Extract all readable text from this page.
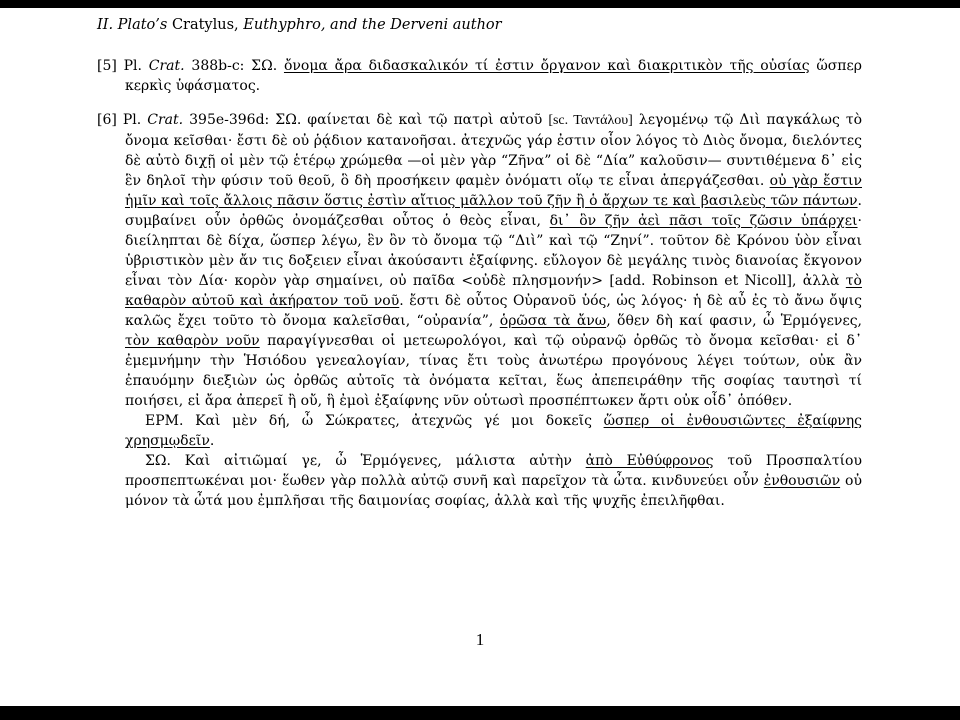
II. Plato’s Cratylus, Euthyphro, and the Derveni author

[5] Pl. Crat. 388b-c: ΣΩ. ὄνομα ἄρα διδασκαλικόν τί ἐστιν ὄργανον καὶ διακριτικὸν τῆς οὐσίας ὥσπερ κερκὶς ὑφάσματος.

[6] Pl. Crat. 395e-396d: ΣΩ. φαίνεται δὲ καὶ τῷ πατρὶ αὐτοῦ [sc. Ταντάλου] λεγομένῳ τῷ Διὶ παγκάλως τὸ ὄνομα κεῖσθαι· ἔστι δὲ οὐ ῥᾴδιον κατανοῆσαι. ἀτεχνῶς γάρ ἐστιν οἷον λόγος τὸ Διὸς ὄνομα, διελόντες δὲ αὐτὸ διχῇ οἱ μὲν τῷ ἑτέρῳ χρώμεθα —οἱ μὲν γὰρ “Ζῆνα” οἱ δὲ “Δία” καλοῦσιν— συντιθέμενα δ᾽ εἰς ἓν δηλοῖ τὴν φύσιν τοῦ θεοῦ, ὃ δὴ προσήκειν φαμὲν ὀνόματι οἵῳ τε εἶναι ἀπεργάζεσθαι. οὐ γὰρ ἔστιν ἡμῖν καὶ τοῖς ἄλλοις πᾶσιν ὅστις ἐστὶν αἴτιος μᾶλλον τοῦ ζῆν ἢ ὁ ἄρχων τε καὶ βασιλεὺς τῶν πάντων. συμβαίνει οὖν ὀρθῶς ὀνομάζεσθαι οὗτος ὁ θεὸς εἶναι, δι᾽ ὃν ζῆν ἀεὶ πᾶσι τοῖς ζῶσιν ὑπάρχει· διείληπται δὲ δίχα, ὥσπερ λέγω, ἓν ὂν τὸ ὄνομα τῷ “Διὶ” καὶ τῷ “Ζηνί”. τοῦτον δὲ Κρόνου ὑὸν εἶναι ὑβριστικὸν μὲν ἄν τις δοξειεν εἶναι ἀκούσαντι ἐξαίφνης. εὔλογον δὲ μεγάλης τινὸς διανοίας ἔκγονον εἶναι τὸν Δία· κορὸν γὰρ σημαίνει, οὐ παῖδα <οὐδὲ πλησμονήν> [add. Robinson et Nicoll], ἀλλὰ τὸ καθαρὸν αὐτοῦ καὶ ἀκήρατον τοῦ νοῦ. ἔστι δὲ οὗτος Οὐρανοῦ ὑός, ὡς λόγος· ἡ δὲ αὖ ἐς τὸ ἄνω ὄψις καλῶς ἔχει τοῦτο τὸ ὄνομα καλεῖσθαι, “οὐρανία”, ὁρῶσα τὰ ἄνω, ὅθεν δὴ καί φασιν, ὦ Ἑρμόγενες, τὸν καθαρὸν νοῦν παραγίγνεσθαι οἱ μετεωρολόγοι, καὶ τῷ οὐρανῷ ὀρθῶς τὸ ὄνομα κεῖσθαι· εἰ δ᾽ ἐμεμνήμην τὴν Ἡσιόδου γενεαλογίαν, τίνας ἔτι τοὺς ἀνωτέρω προγόνους λέγει τούτων, οὐκ ἂν ἐπαυόμην διεξιὼν ὡς ὀρθῶς αὐτοῖς τὰ ὀνόματα κεῖται, ἕως ἀπεπειράθην τῆς σοφίας ταυτησὶ τί ποιήσει, εἰ ἄρα ἀπερεῖ ἢ οὔ, ἣ ἐμοὶ ἐξαίφνης νῦν οὑτωσὶ προσπέπτωκεν ἄρτι οὐκ οἶδ᾽ ὁπόθεν.

ΕΡΜ. Καὶ μὲν δή, ὦ Σώκρατες, ἀτεχνῶς γέ μοι δοκεῖς ὥσπερ οἱ ἐνθουσιῶντες ἐξαίφνης χρησμῳδεῖν.

ΣΩ. Καὶ αἰτιῶμαί γε, ὦ Ἑρμόγενες, μάλιστα αὐτὴν ἀπὸ Εὐθύφρονος τοῦ Προσπαλτίου προσπεπτωκέναι μοι· ἕωθεν γὰρ πολλὰ αὐτῷ συνῆ καὶ παρεῖχον τὰ ὦτα. κινδυνεύει οὖν ἐνθουσιῶν οὐ μόνον τὰ ὦτά μου ἐμπλῆσαι τῆς δαιμονίας σοφίας, ἀλλὰ καὶ τῆς ψυχῆς ἐπειλῆφθαι.

1
